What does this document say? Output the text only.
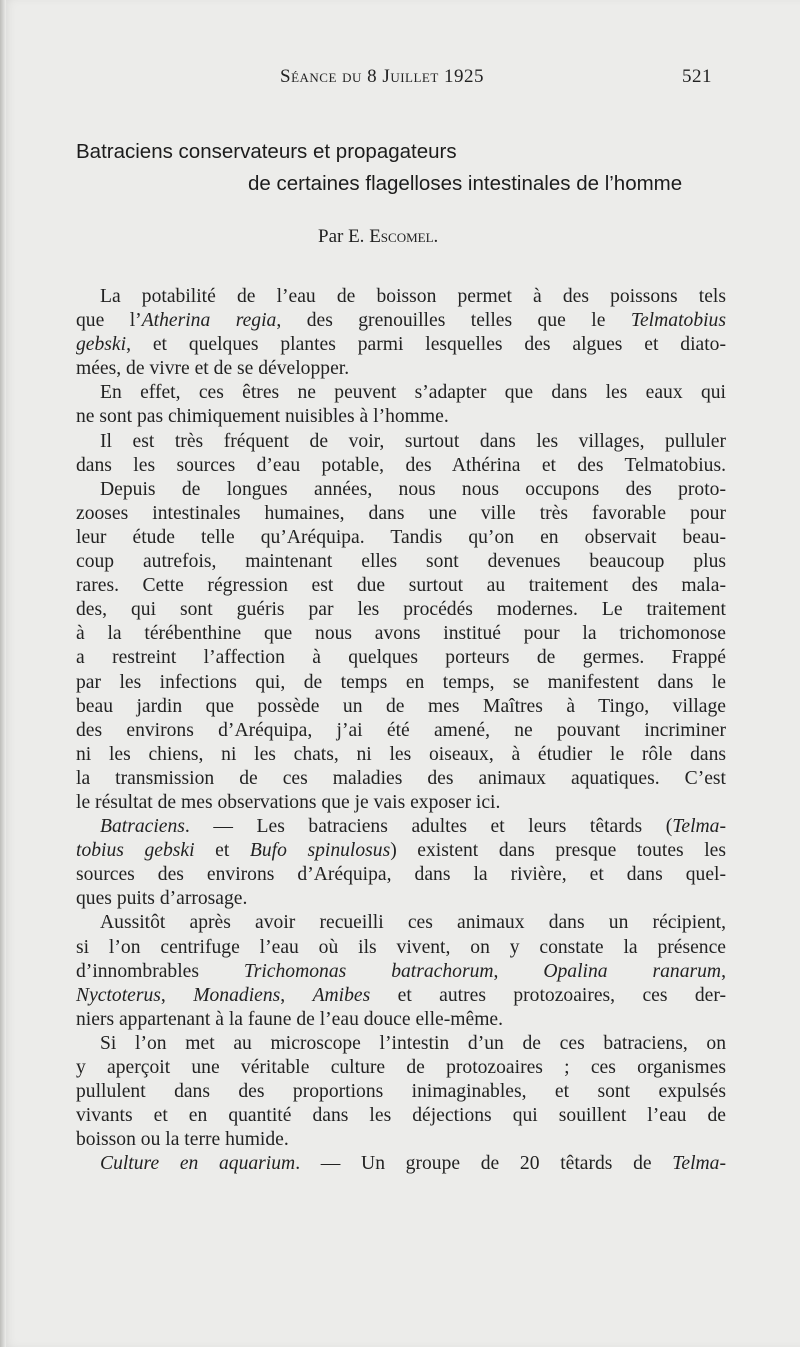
Séance du 8 Juillet 1925	521
Batraciens conservateurs et propagateurs
de certaines flagelloses intestinales de l’homme
Par E. Escomel.
La potabilité de l’eau de boisson permet à des poissons tels
que l’Atherina regia, des grenouilles telles que le Telmatobius
gebski, et quelques plantes parmi lesquelles des algues et diato-
mées, de vivre et de se développer.
En effet, ces êtres ne peuvent s’adapter que dans les eaux qui
ne sont pas chimiquement nuisibles à l’homme.
Il est très fréquent de voir, surtout dans les villages, pulluler
dans les sources d’eau potable, des Athérina et des Telmatobius.
Depuis de longues années, nous nous occupons des proto-
zooses intestinales humaines, dans une ville très favorable pour
leur étude telle qu’Aréquipa. Tandis qu’on en observait beau-
coup autrefois, maintenant elles sont devenues beaucoup plus
rares. Cette régression est due surtout au traitement des mala-
des, qui sont guéris par les procédés modernes. Le traitement
à la térébenthine que nous avons institué pour la trichomonose
a restreint l’affection à quelques porteurs de germes. Frappé
par les infections qui, de temps en temps, se manifestent dans le
beau jardin que possède un de mes Maîtres à Tingo, village
des environs d’Aréquipa, j’ai été amené, ne pouvant incriminer
ni les chiens, ni les chats, ni les oiseaux, à étudier le rôle dans
la transmission de ces maladies des animaux aquatiques. C’est
le résultat de mes observations que je vais exposer ici.
Batraciens. — Les batraciens adultes et leurs têtards (Telma-
tobius gebski et Bufo spinulosus) existent dans presque toutes les
sources des environs d’Aréquipa, dans la rivière, et dans quel-
ques puits d’arrosage.
Aussitôt après avoir recueilli ces animaux dans un récipient,
si l’on centrifuge l’eau où ils vivent, on y constate la présence
d’innombrables Trichomonas batrachorum, Opalina ranarum,
Nyctoterus, Monadiens, Amibes et autres protozoaires, ces der-
niers appartenant à la faune de l’eau douce elle-même.
Si l’on met au microscope l’intestin d’un de ces batraciens, on
y aperçoit une véritable culture de protozoaires ; ces organismes
pullulent dans des proportions inimaginables, et sont expulsés
vivants et en quantité dans les déjections qui souillent l’eau de
boisson ou la terre humide.
Culture en aquarium. — Un groupe de 20 têtards de Telma-
